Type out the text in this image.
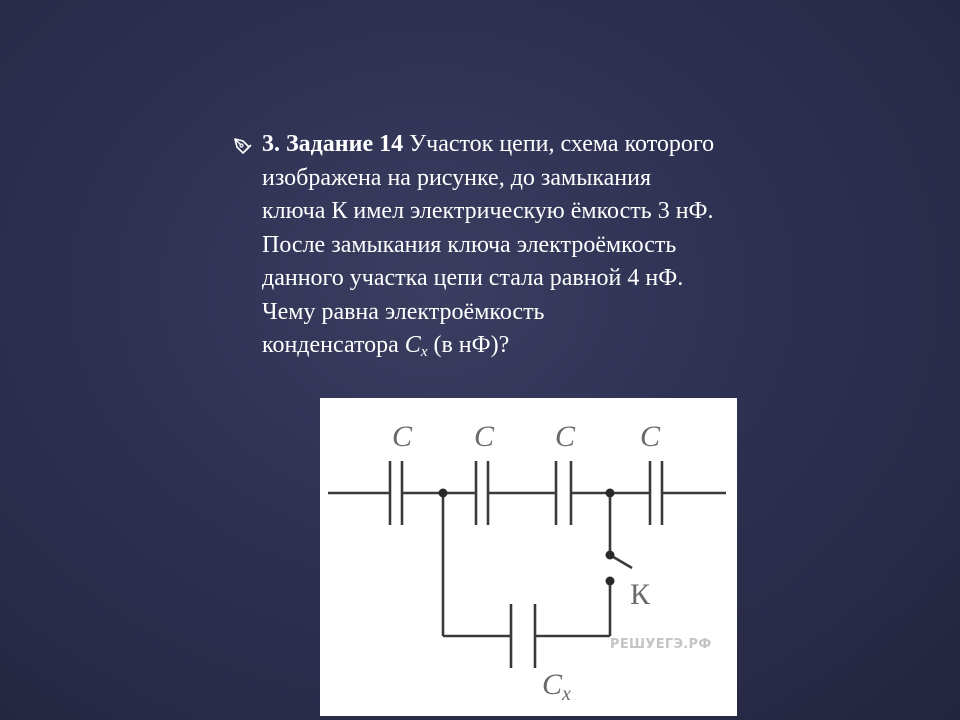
3. Задание 14 Участок цепи, схема которого
изображена на рисунке, до замыкания
ключа К имел электрическую ёмкость 3 нФ.
После замыкания ключа электроёмкость
данного участка цепи стала равной 4 нФ.
Чему равна электроёмкость
конденсатора $C_x$ (в нФ)?

C C C C
К
РЕШУЕГЭ.РФ
$C_x$
